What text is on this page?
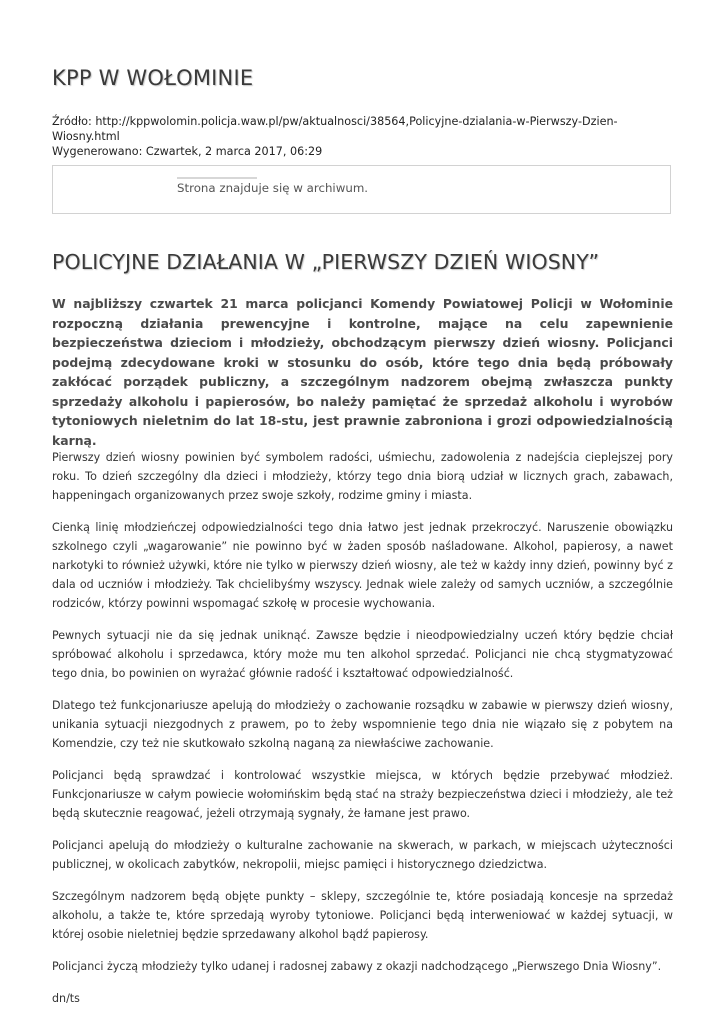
KPP W WOŁOMINIE
Źródło: http://kppwolomin.policja.waw.pl/pw/aktualnosci/38564,Policyjne-dzialania-w-Pierwszy-Dzien-Wiosny.html
Wygenerowano: Czwartek, 2 marca 2017, 06:29
Strona znajduje się w archiwum.
POLICYJNE DZIAŁANIA W „PIERWSZY DZIEŃ WIOSNY”

W najbliższy czwartek 21 marca policjanci Komendy Powiatowej Policji w Wołominie rozpoczną działania prewencyjne i kontrolne, mające na celu zapewnienie bezpieczeństwa dzieciom i młodzieży, obchodzącym pierwszy dzień wiosny. Policjanci podejmą zdecydowane kroki w stosunku do osób, które tego dnia będą próbowały zakłócać porządek publiczny, a szczególnym nadzorem obejmą zwłaszcza punkty sprzedaży alkoholu i papierosów, bo należy pamiętać że sprzedaż alkoholu i wyrobów tytoniowych nieletnim do lat 18-stu, jest prawnie zabroniona i grozi odpowiedzialnością karną.

Pierwszy dzień wiosny powinien być symbolem radości, uśmiechu, zadowolenia z nadejścia cieplejszej pory roku. To dzień szczególny dla dzieci i młodzieży, którzy tego dnia biorą udział w licznych grach, zabawach, happeningach organizowanych przez swoje szkoły, rodzime gminy i miasta.

Cienką linię młodzieńczej odpowiedzialności tego dnia łatwo jest jednak przekroczyć. Naruszenie obowiązku szkolnego czyli „wagarowanie” nie powinno być w żaden sposób naśladowane. Alkohol, papierosy, a nawet narkotyki to również używki, które nie tylko w pierwszy dzień wiosny, ale też w każdy inny dzień, powinny być z dala od uczniów i młodzieży. Tak chcielibyśmy wszyscy. Jednak wiele zależy od samych uczniów, a szczególnie rodziców, którzy powinni wspomagać szkołę w procesie wychowania.

Pewnych sytuacji nie da się jednak uniknąć. Zawsze będzie i nieodpowiedzialny uczeń który będzie chciał spróbować alkoholu i sprzedawca, który może mu ten alkohol sprzedać. Policjanci nie chcą stygmatyzować tego dnia, bo powinien on wyrażać głównie radość i kształtować odpowiedzialność.

Dlatego też funkcjonariusze apelują do młodzieży o zachowanie rozsądku w zabawie w pierwszy dzień wiosny, unikania sytuacji niezgodnych z prawem, po to żeby wspomnienie tego dnia nie wiązało się z pobytem na Komendzie, czy też nie skutkowało szkolną naganą za niewłaściwe zachowanie.

Policjanci będą sprawdzać i kontrolować wszystkie miejsca, w których będzie przebywać młodzież. Funkcjonariusze w całym powiecie wołomińskim będą stać na straży bezpieczeństwa dzieci i młodzieży, ale też będą skutecznie reagować, jeżeli otrzymają sygnały, że łamane jest prawo.

Policjanci apelują do młodzieży o kulturalne zachowanie na skwerach, w parkach, w miejscach użyteczności publicznej, w okolicach zabytków, nekropolii, miejsc pamięci i historycznego dziedzictwa.

Szczególnym nadzorem będą objęte punkty – sklepy, szczególnie te, które posiadają koncesje na sprzedaż alkoholu, a także te, które sprzedają wyroby tytoniowe. Policjanci będą interweniować w każdej sytuacji, w której osobie nieletniej będzie sprzedawany alkohol bądź papierosy.

Policjanci życzą młodzieży tylko udanej i radosnej zabawy z okazji nadchodzącego „Pierwszego Dnia Wiosny”.

dn/ts
